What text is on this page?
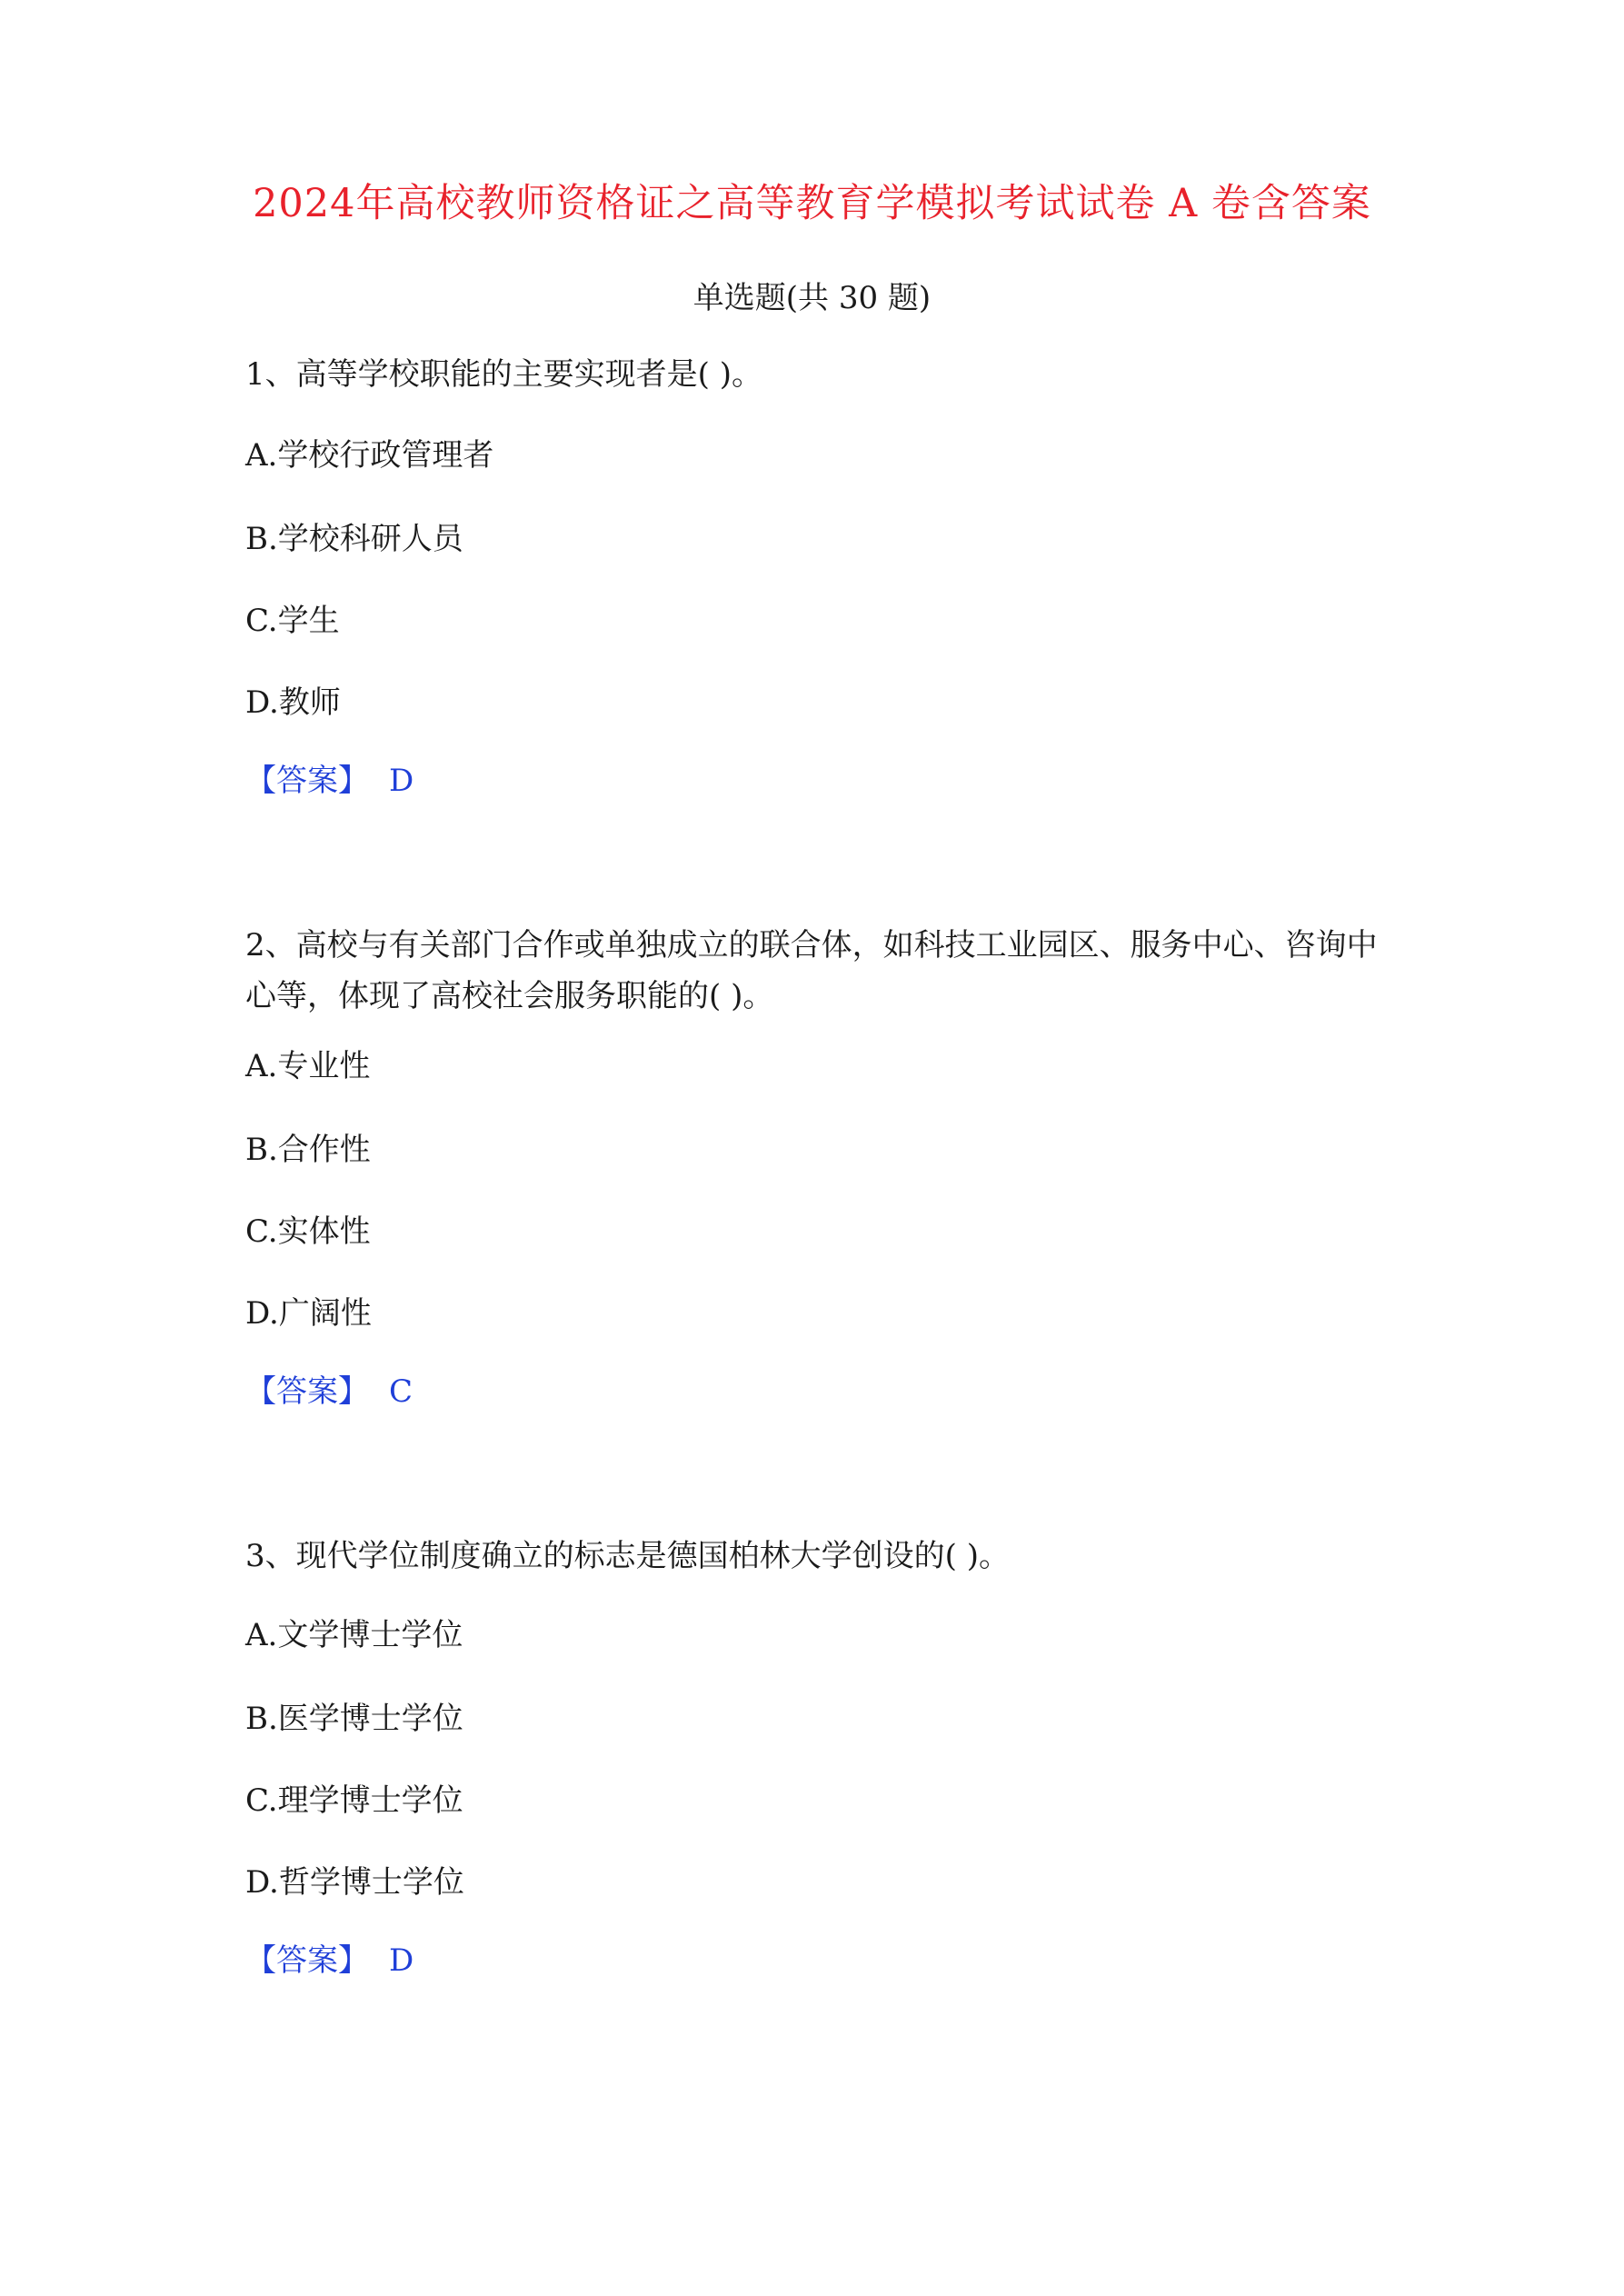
2024年高校教师资格证之高等教育学模拟考试试卷 A 卷含答案
单选题(共 30 题)
1、高等学校职能的主要实现者是( )。
A.学校行政管理者
B.学校科研人员
C.学生
D.教师
【答案】 D
2、高校与有关部门合作或单独成立的联合体，如科技工业园区、服务中心、咨询中心等，体现了高校社会服务职能的( )。
A.专业性
B.合作性
C.实体性
D.广阔性
【答案】 C
3、现代学位制度确立的标志是德国柏林大学创设的( )。
A.文学博士学位
B.医学博士学位
C.理学博士学位
D.哲学博士学位
【答案】 D
